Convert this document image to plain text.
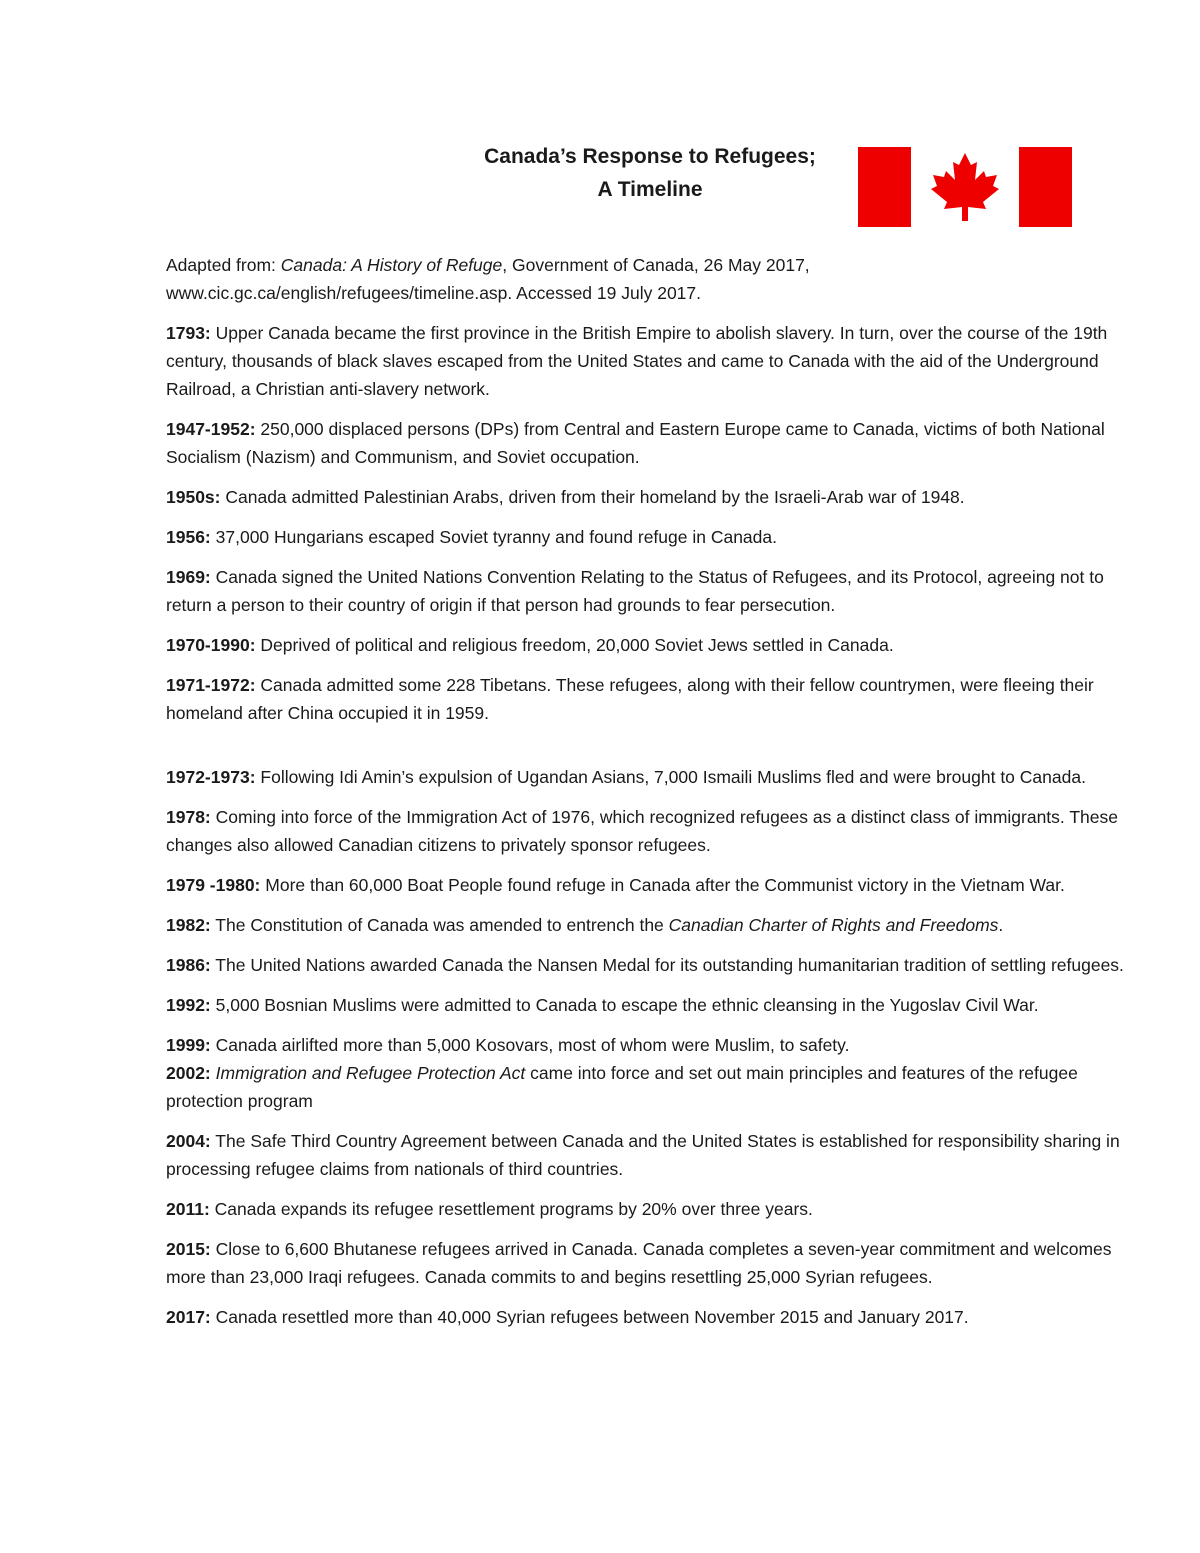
Canada’s Response to Refugees;
A Timeline

Adapted from: Canada: A History of Refuge, Government of Canada, 26 May 2017,
www.cic.gc.ca/english/refugees/timeline.asp. Accessed 19 July 2017.

1793: Upper Canada became the first province in the British Empire to abolish slavery. In turn, over the course of the 19th century, thousands of black slaves escaped from the United States and came to Canada with the aid of the Underground Railroad, a Christian anti-slavery network.

1947-1952: 250,000 displaced persons (DPs) from Central and Eastern Europe came to Canada, victims of both National Socialism (Nazism) and Communism, and Soviet occupation.

1950s: Canada admitted Palestinian Arabs, driven from their homeland by the Israeli-Arab war of 1948.

1956: 37,000 Hungarians escaped Soviet tyranny and found refuge in Canada.

1969: Canada signed the United Nations Convention Relating to the Status of Refugees, and its Protocol, agreeing not to return a person to their country of origin if that person had grounds to fear persecution.

1970-1990: Deprived of political and religious freedom, 20,000 Soviet Jews settled in Canada.

1971-1972: Canada admitted some 228 Tibetans. These refugees, along with their fellow countrymen, were fleeing their homeland after China occupied it in 1959.

1972-1973: Following Idi Amin’s expulsion of Ugandan Asians, 7,000 Ismaili Muslims fled and were brought to Canada.

1978: Coming into force of the Immigration Act of 1976, which recognized refugees as a distinct class of immigrants. These changes also allowed Canadian citizens to privately sponsor refugees.

1979 -1980: More than 60,000 Boat People found refuge in Canada after the Communist victory in the Vietnam War.

1982: The Constitution of Canada was amended to entrench the Canadian Charter of Rights and Freedoms.

1986: The United Nations awarded Canada the Nansen Medal for its outstanding humanitarian tradition of settling refugees.

1992: 5,000 Bosnian Muslims were admitted to Canada to escape the ethnic cleansing in the Yugoslav Civil War.

1999: Canada airlifted more than 5,000 Kosovars, most of whom were Muslim, to safety.

2002: Immigration and Refugee Protection Act came into force and set out main principles and features of the refugee protection program

2004: The Safe Third Country Agreement between Canada and the United States is established for responsibility sharing in processing refugee claims from nationals of third countries.

2011: Canada expands its refugee resettlement programs by 20% over three years.

2015: Close to 6,600 Bhutanese refugees arrived in Canada. Canada completes a seven-year commitment and welcomes more than 23,000 Iraqi refugees. Canada commits to and begins resettling 25,000 Syrian refugees.

2017: Canada resettled more than 40,000 Syrian refugees between November 2015 and January 2017.
